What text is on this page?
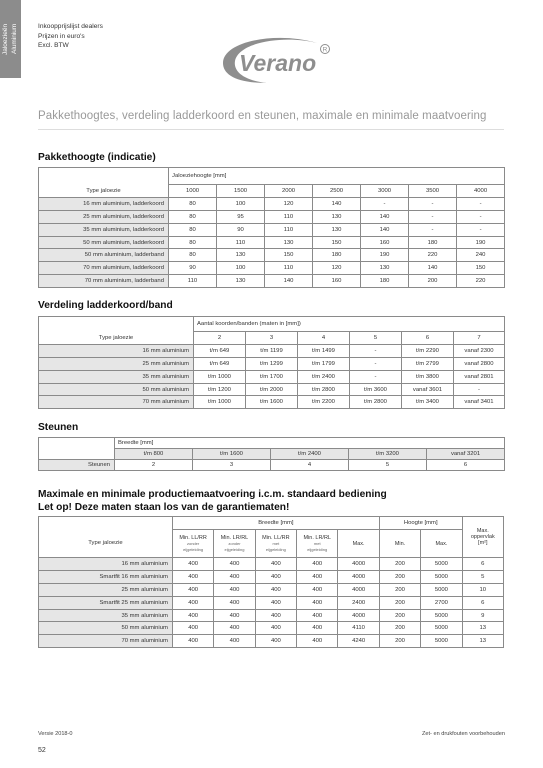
Jaloezieën Aluminium	Inkoopprijslijst dealers
Prijzen in euro's
Excl. BTW
Verano R
Pakkethoogtes, verdeling ladderkoord en steunen, maximale en minimale maatvoering
Pakkethoogte (indicatie)
	Jaloeziehoogte [mm]						
Type jaloezie	1000	1500	2000	2500	3000	3500	4000
16 mm aluminium, ladderkoord	80	100	120	140	-	-	-
25 mm aluminium, ladderkoord	80	95	110	130	140	-	-
35 mm aluminium, ladderkoord	80	90	110	130	140	-	-
50 mm aluminium, ladderkoord	80	110	130	150	160	180	190
50 mm aluminium, ladderband	80	130	150	180	190	220	240
70 mm aluminium, ladderkoord	90	100	110	120	130	140	150
70 mm aluminium, ladderband	110	130	140	160	180	200	220
Verdeling ladderkoord/band
	Aantal koorden/banden (maten in [mm])					
Type jaloezie	2	3	4	5	6	7
16 mm aluminium	t/m 649	t/m 1199	t/m 1499	-	t/m 2290	vanaf 2300
25 mm aluminium	t/m 649	t/m 1299	t/m 1799	-	t/m 2799	vanaf 2800
35 mm aluminium	t/m 1000	t/m 1700	t/m 2400	-	t/m 3800	vanaf 2801
50 mm aluminium	t/m 1200	t/m 2000	t/m 2800	t/m 3600	vanaf 3601	-
70 mm aluminium	t/m 1000	t/m 1600	t/m 2200	t/m 2800	t/m 3400	vanaf 3401
Steunen
	Breedte [mm]				
	t/m 800	t/m 1600	t/m 2400	t/m 3200	vanaf 3201
Steunen	2	3	4	5	6
Maximale en minimale productiemaatvoering i.c.m. standaard bediening
Let op! Deze maten staan los van de garantiematen!
	Breedte [mm]					Hoogte [mm]		Max.
oppervlak
[m²]
Type jaloezie	Min. LL/RR
zonder
eijgeleiding	Min. LR/RL
zonder
eijgeleiding	Min. LL/RR
met
eijgeleiding	Min. LR/RL
met
eijgeleiding	Max.	Min.	Max.	
16 mm aluminium	400	400	400	400	4000	200	5000	6
Smartfit 16 mm aluminium	400	400	400	400	4000	200	5000	5
25 mm aluminium	400	400	400	400	4000	200	5000	10
Smartfit 25 mm aluminium	400	400	400	400	2400	200	2700	6
35 mm aluminium	400	400	400	400	4000	200	5000	9
50 mm aluminium	400	400	400	400	4110	200	5000	13
70 mm aluminium	400	400	400	400	4240	200	5000	13
Versie 2018-0	Zet- en drukfouten voorbehouden
52
